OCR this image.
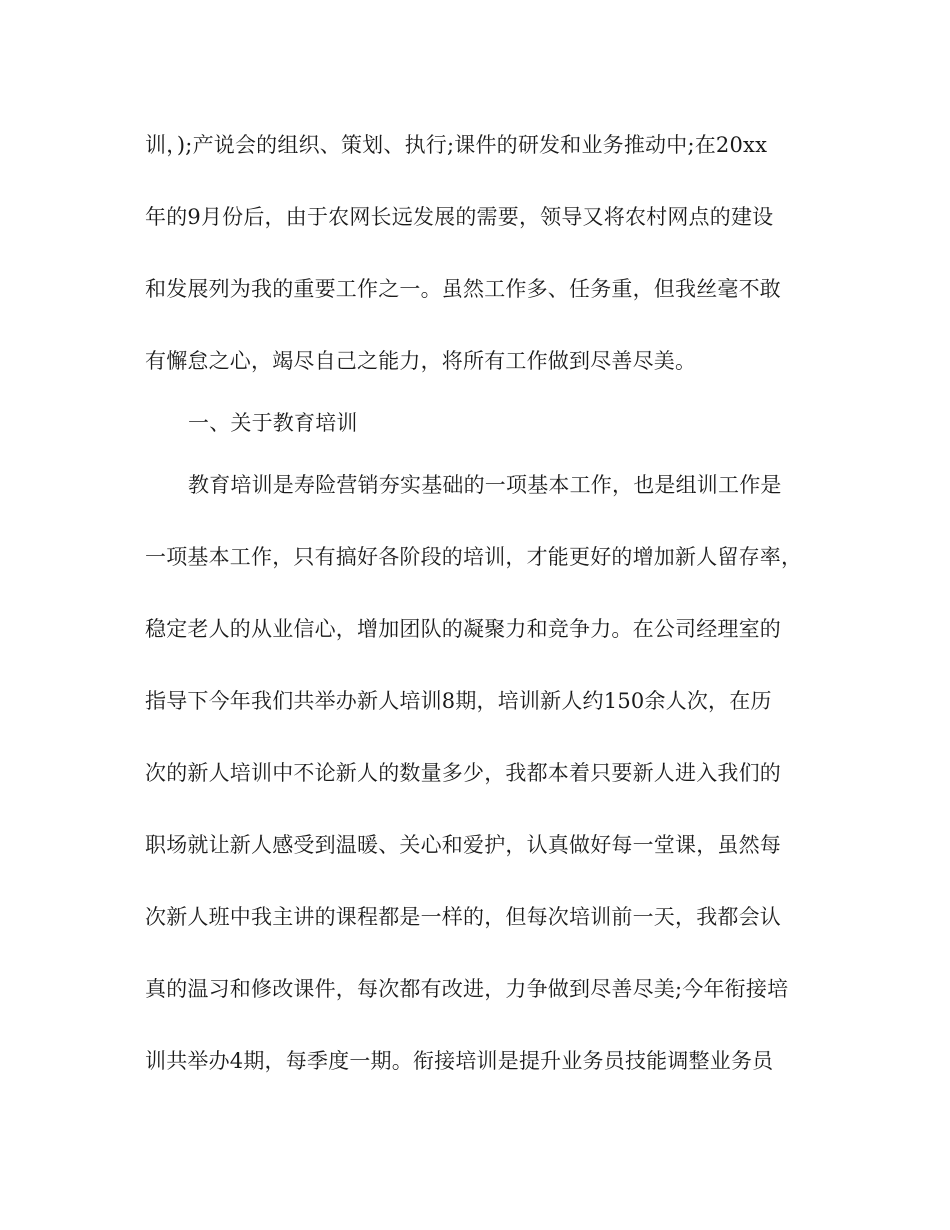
训，);产说会的组织、策划、执行;课件的研发和业务推动中;在20xx
年的9月份后，由于农网长远发展的需要，领导又将农村网点的建设
和发展列为我的重要工作之一。虽然工作多、任务重，但我丝毫不敢
有懈怠之心，竭尽自己之能力，将所有工作做到尽善尽美。
一、关于教育培训
教育培训是寿险营销夯实基础的一项基本工作，也是组训工作是
一项基本工作，只有搞好各阶段的培训，才能更好的增加新人留存率，
稳定老人的从业信心，增加团队的凝聚力和竞争力。在公司经理室的
指导下今年我们共举办新人培训8期，培训新人约150余人次，在历
次的新人培训中不论新人的数量多少，我都本着只要新人进入我们的
职场就让新人感受到温暖、关心和爱护，认真做好每一堂课，虽然每
次新人班中我主讲的课程都是一样的，但每次培训前一天，我都会认
真的温习和修改课件，每次都有改进，力争做到尽善尽美;今年衔接培
训共举办4期，每季度一期。衔接培训是提升业务员技能调整业务员
